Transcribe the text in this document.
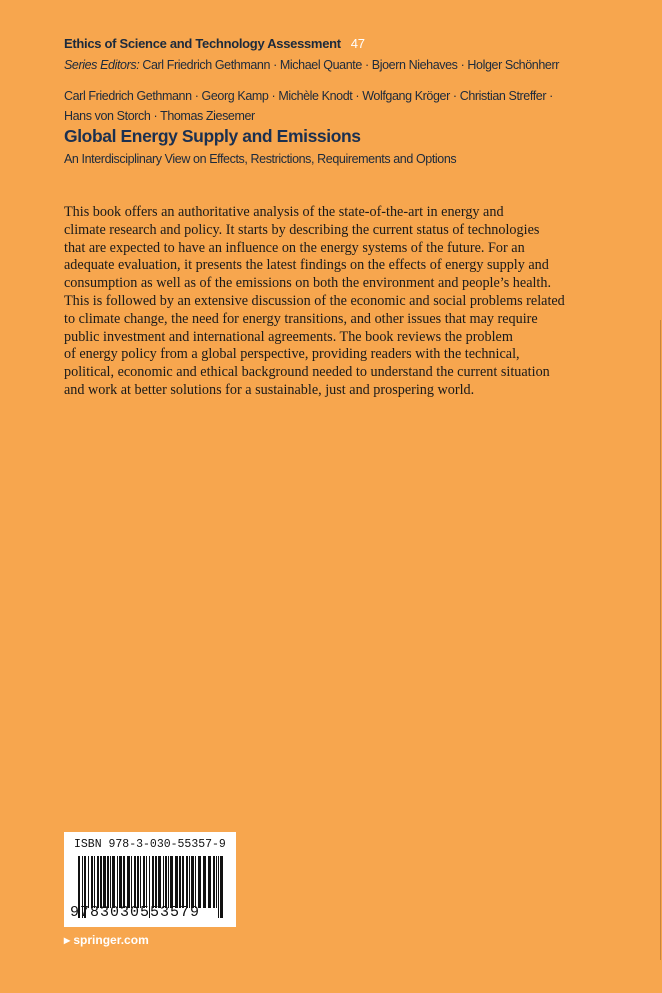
Ethics of Science and Technology Assessment 47
Series Editors: Carl Friedrich Gethmann · Michael Quante · Bjoern Niehaves · Holger Schönherr
Carl Friedrich Gethmann · Georg Kamp · Michèle Knodt · Wolfgang Kröger · Christian Streffer ·
Hans von Storch · Thomas Ziesemer
Global Energy Supply and Emissions
An Interdisciplinary View on Effects, Restrictions, Requirements and Options
This book offers an authoritative analysis of the state-of-the-art in energy and
climate research and policy. It starts by describing the current status of technologies
that are expected to have an influence on the energy systems of the future. For an
adequate evaluation, it presents the latest findings on the effects of energy supply and
consumption as well as of the emissions on both the environment and people’s health.
This is followed by an extensive discussion of the economic and social problems related
to climate change, the need for energy transitions, and other issues that may require
public investment and international agreements. The book reviews the problem
of energy policy from a global perspective, providing readers with the technical,
political, economic and ethical background needed to understand the current situation
and work at better solutions for a sustainable, just and prospering world.
ISBN 978-3-030-55357-9
9783030553579
▸ springer.com
